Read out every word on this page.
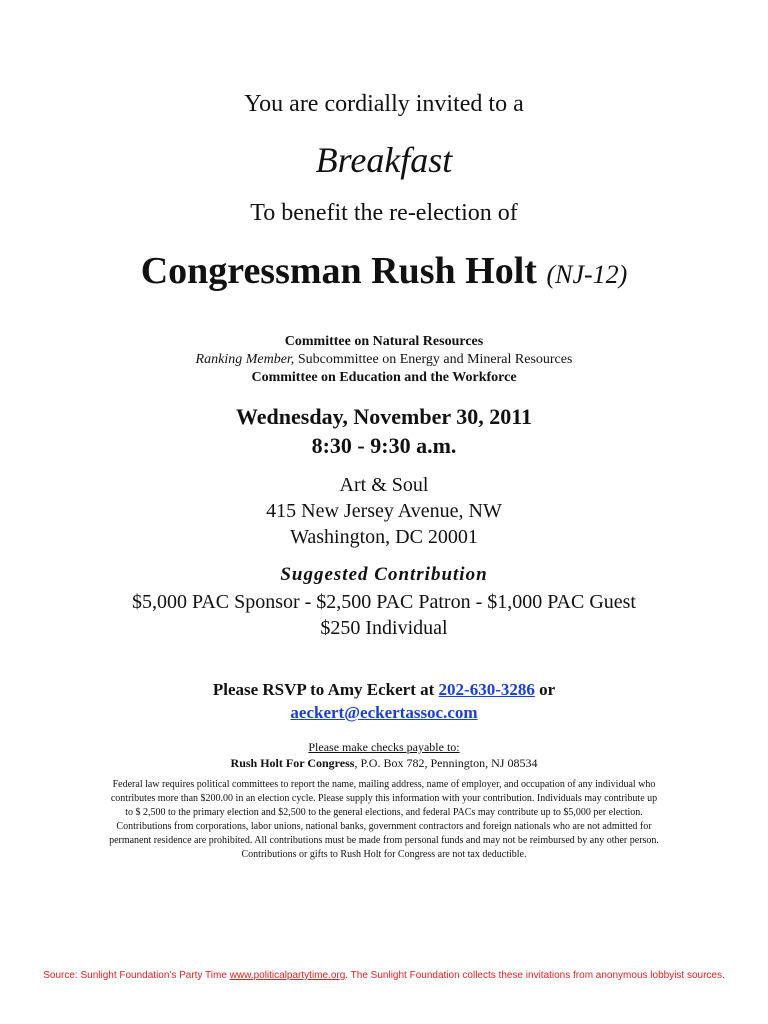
You are cordially invited to a

Breakfast

To benefit the re-election of

Congressman Rush Holt (NJ-12)

Committee on Natural Resources
Ranking Member, Subcommittee on Energy and Mineral Resources
Committee on Education and the Workforce
Wednesday, November 30, 2011
8:30 - 9:30 a.m.
Art & Soul
415 New Jersey Avenue, NW
Washington, DC 20001

Suggested Contribution

$5,000 PAC Sponsor - $2,500 PAC Patron - $1,000 PAC Guest
$250 Individual

Please RSVP to Amy Eckert at 202-630-3286 or aeckert@eckertassoc.com

Please make checks payable to:
Rush Holt For Congress, P.O. Box 782, Pennington, NJ 08534
Federal law requires political committees to report the name, mailing address, name of employer, and occupation of any individual who contributes more than $200.00 in an election cycle. Please supply this information with your contribution. Individuals may contribute up to $ 2,500 to the primary election and $2,500 to the general elections, and federal PACs may contribute up to $5,000 per election. Contributions from corporations, labor unions, national banks, government contractors and foreign nationals who are not admitted for permanent residence are prohibited. All contributions must be made from personal funds and may not be reimbursed by any other person.
Contributions or gifts to Rush Holt for Congress are not tax deductible.

Source: Sunlight Foundation's Party Time www.politicalpartytime.org. The Sunlight Foundation collects these invitations from anonymous lobbyist sources.
